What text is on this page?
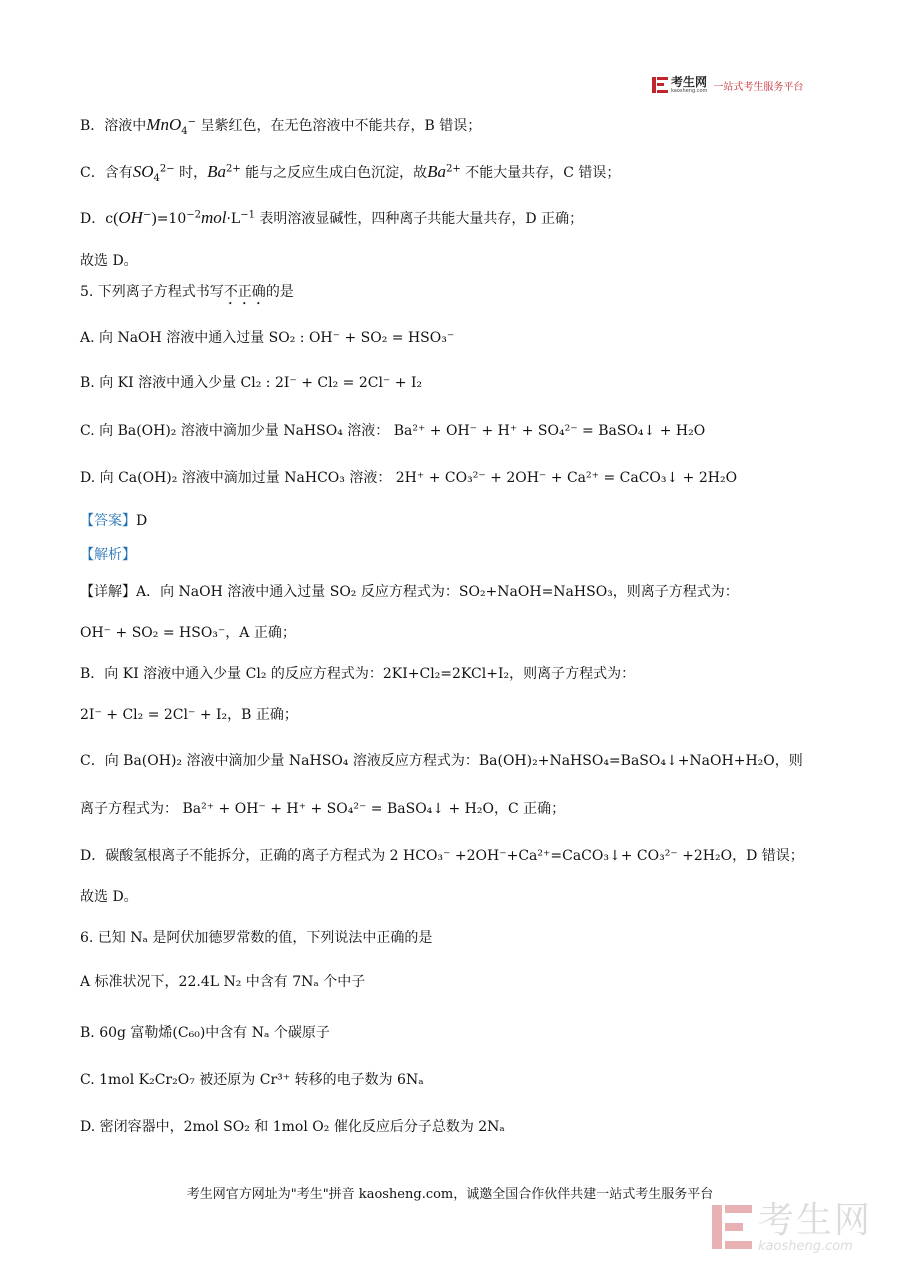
考生网
kaosheng.com 一站式考生服务平台
B．溶液中MnO$_4$− 呈紫红色，在无色溶液中不能共存，B 错误；
C．含有$SO_4^{2-}$ 时，$Ba^{2+}$ 能与之反应生成白色沉淀，故$Ba^{2+}$ 不能大量共存，C 错误；
D．$c(OH^-)=10^{-2}mol\cdot L^{-1}$ 表明溶液显碱性，四种离子共能大量共存，D 正确；
故选 D。
5. 下列离子方程式书写不正确的是
A. 向 NaOH 溶液中通入过量 SO₂ : OH⁻ + SO₂ = HSO₃⁻
B. 向 KI 溶液中通入少量 Cl₂ : 2I⁻ + Cl₂ = 2Cl⁻ + I₂
C. 向 Ba(OH)₂ 溶液中滴加少量 NaHSO₄ 溶液： Ba²⁺ + OH⁻ + H⁺ + SO₄²⁻ = BaSO₄↓ + H₂O
D. 向 Ca(OH)₂ 溶液中滴加过量 NaHCO₃ 溶液： 2H⁺ + CO₃²⁻ + 2OH⁻ + Ca²⁺ = CaCO₃↓ + 2H₂O
【答案】D
【解析】
【详解】A．向 NaOH 溶液中通入过量 SO₂ 反应方程式为：SO₂+NaOH=NaHSO₃，则离子方程式为：
OH⁻ + SO₂ = HSO₃⁻，A 正确；
B．向 KI 溶液中通入少量 Cl₂ 的反应方程式为：2KI+Cl₂=2KCl+I₂，则离子方程式为：
2I⁻ + Cl₂ = 2Cl⁻ + I₂，B 正确；
C．向 Ba(OH)₂ 溶液中滴加少量 NaHSO₄ 溶液反应方程式为：Ba(OH)₂+NaHSO₄=BaSO₄↓+NaOH+H₂O，则
离子方程式为： Ba²⁺ + OH⁻ + H⁺ + SO₄²⁻ = BaSO₄↓ + H₂O，C 正确；
D．碳酸氢根离子不能拆分，正确的离子方程式为 2 HCO₃⁻ +2OH⁻+Ca²⁺=CaCO₃↓+ CO₃²⁻ +2H₂O，D 错误；
故选 D。
6. 已知 Nₐ 是阿伏加德罗常数的值，下列说法中正确的是
A 标准状况下，22.4L N₂ 中含有 7Nₐ 个中子
B. 60g 富勒烯(C₆₀)中含有 Nₐ 个碳原子
C. 1mol K₂Cr₂O₇ 被还原为 Cr³⁺ 转移的电子数为 6Nₐ
D. 密闭容器中，2mol SO₂ 和 1mol O₂ 催化反应后分子总数为 2Nₐ
考生网官方网址为"考生"拼音 kaosheng.com，诚邀全国合作伙伴共建一站式考生服务平台
考生网
kaosheng.com
